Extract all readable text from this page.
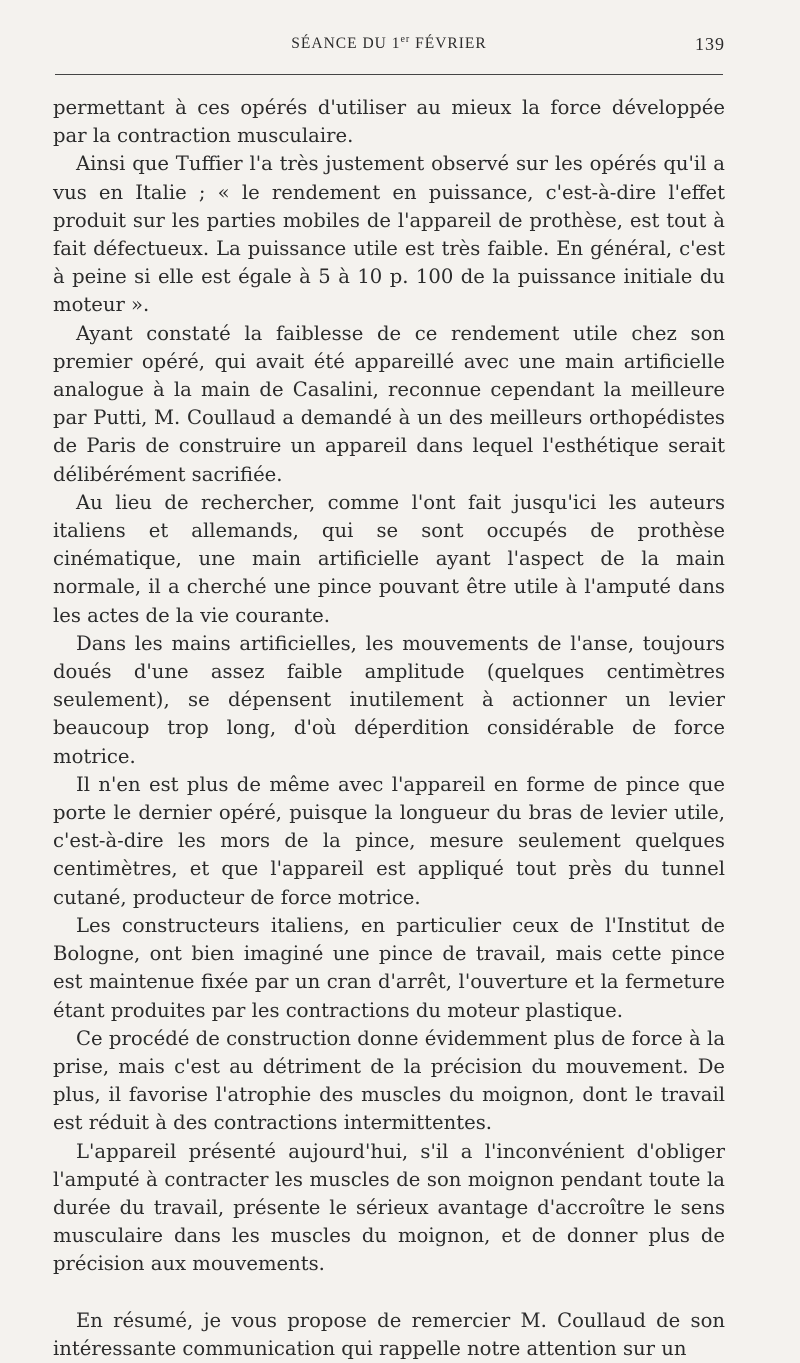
SÉANCE DU 1er FÉVRIER	139

permettant à ces opérés d'utiliser au mieux la force développée par la contraction musculaire.

Ainsi que Tuffier l'a très justement observé sur les opérés qu'il a vus en Italie ; « le rendement en puissance, c'est-à-dire l'effet produit sur les parties mobiles de l'appareil de prothèse, est tout à fait défectueux. La puissance utile est très faible. En général, c'est à peine si elle est égale à 5 à 10 p. 100 de la puissance initiale du moteur ».

Ayant constaté la faiblesse de ce rendement utile chez son premier opéré, qui avait été appareillé avec une main artificielle analogue à la main de Casalini, reconnue cependant la meilleure par Putti, M. Coullaud a demandé à un des meilleurs orthopédistes de Paris de construire un appareil dans lequel l'esthétique serait délibérément sacrifiée.

Au lieu de rechercher, comme l'ont fait jusqu'ici les auteurs italiens et allemands, qui se sont occupés de prothèse cinématique, une main artificielle ayant l'aspect de la main normale, il a cherché une pince pouvant être utile à l'amputé dans les actes de la vie courante.

Dans les mains artificielles, les mouvements de l'anse, toujours doués d'une assez faible amplitude (quelques centimètres seulement), se dépensent inutilement à actionner un levier beaucoup trop long, d'où déperdition considérable de force motrice.

Il n'en est plus de même avec l'appareil en forme de pince que porte le dernier opéré, puisque la longueur du bras de levier utile, c'est-à-dire les mors de la pince, mesure seulement quelques centimètres, et que l'appareil est appliqué tout près du tunnel cutané, producteur de force motrice.

Les constructeurs italiens, en particulier ceux de l'Institut de Bologne, ont bien imaginé une pince de travail, mais cette pince est maintenue fixée par un cran d'arrêt, l'ouverture et la fermeture étant produites par les contractions du moteur plastique.

Ce procédé de construction donne évidemment plus de force à la prise, mais c'est au détriment de la précision du mouvement. De plus, il favorise l'atrophie des muscles du moignon, dont le travail est réduit à des contractions intermittentes.

L'appareil présenté aujourd'hui, s'il a l'inconvénient d'obliger l'amputé à contracter les muscles de son moignon pendant toute la durée du travail, présente le sérieux avantage d'accroître le sens musculaire dans les muscles du moignon, et de donner plus de précision aux mouvements.

En résumé, je vous propose de remercier M. Coullaud de son intéressante communication qui rappelle notre attention sur un
